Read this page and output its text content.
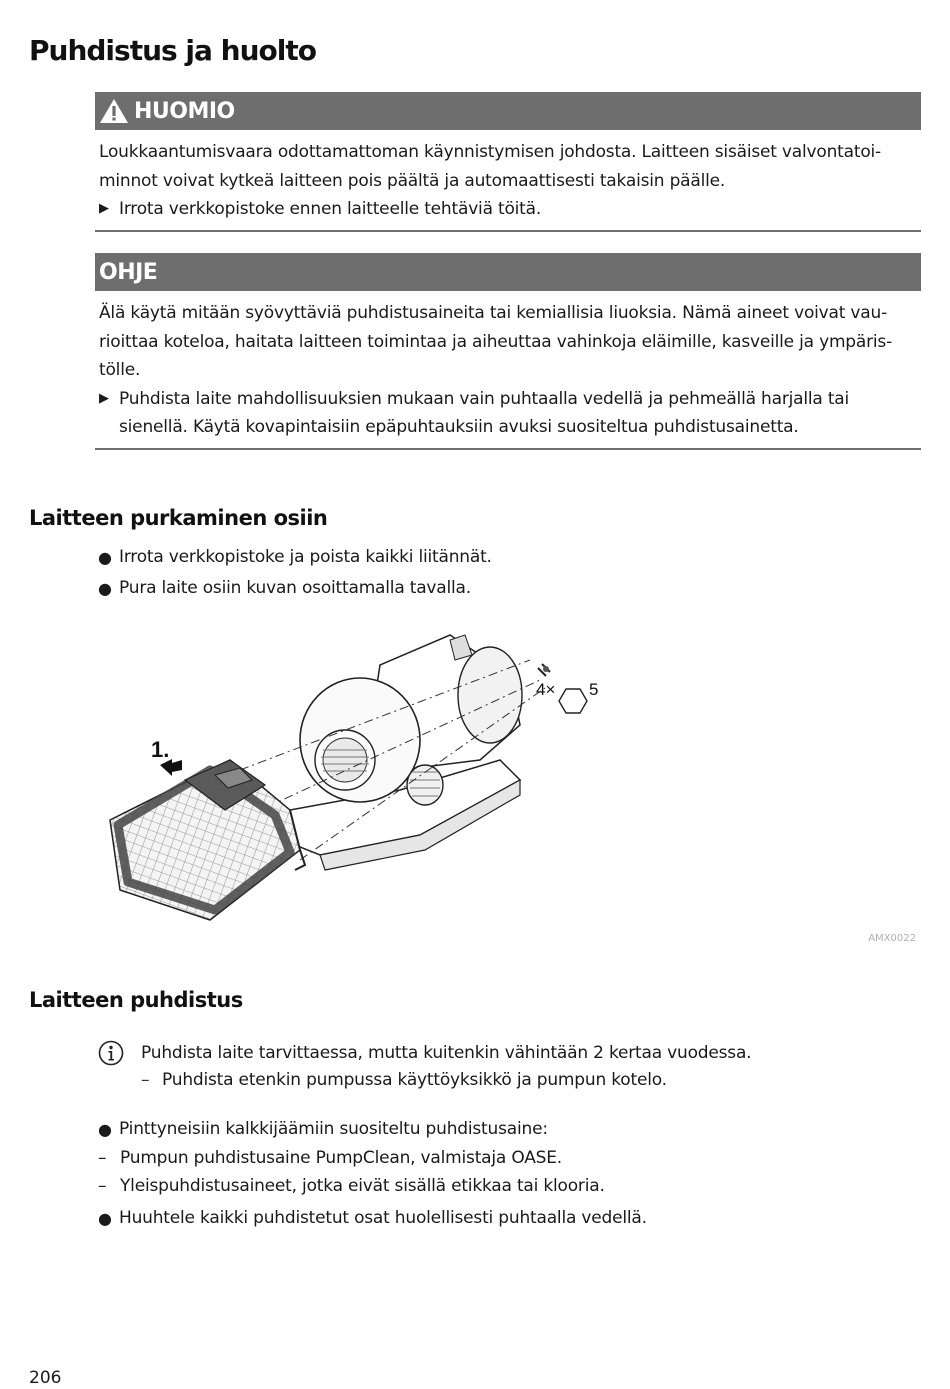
Puhdistus ja huolto
HUOMIO

Loukkaantumisvaara odottamattoman käynnistymisen johdosta. Laitteen sisäiset valvontatoi-minnot voivat kytkeä laitteen pois päältä ja automaattisesti takaisin päälle.

▶ Irrota verkkopistoke ennen laitteelle tehtäviä töitä.
OHJE

Älä käytä mitään syövyttäviä puhdistusaineita tai kemiallisia liuoksia. Nämä aineet voivat vau-rioittaa koteloa, haitata laitteen toimintaa ja aiheuttaa vahinkoja eläimille, kasveille ja ympäris-tölle.

▶ Puhdista laite mahdollisuuksien mukaan vain puhtaalla vedellä ja pehmeällä harjalla tai sienellä. Käytä kovapintaisiin epäpuhtauksiin avuksi suositeltua puhdistusainetta.
Laitteen purkaminen osiin
● Irrota verkkopistoke ja poista kaikki liitännät.
● Pura laite osiin kuvan osoittamalla tavalla.
1.
4× 5
AMX0022
Laitteen puhdistus
Puhdista laite tarvittaessa, mutta kuitenkin vähintään 2 kertaa vuodessa.
– Puhdista etenkin pumpussa käyttöyksikkö ja pumpun kotelo.
● Pinttyneisiin kalkkijäämiin suositeltu puhdistusaine:
– Pumpun puhdistusaine PumpClean, valmistaja OASE.
– Yleispuhdistusaineet, jotka eivät sisällä etikkaa tai klooria.
● Huuhtele kaikki puhdistetut osat huolellisesti puhtaalla vedellä.
206
